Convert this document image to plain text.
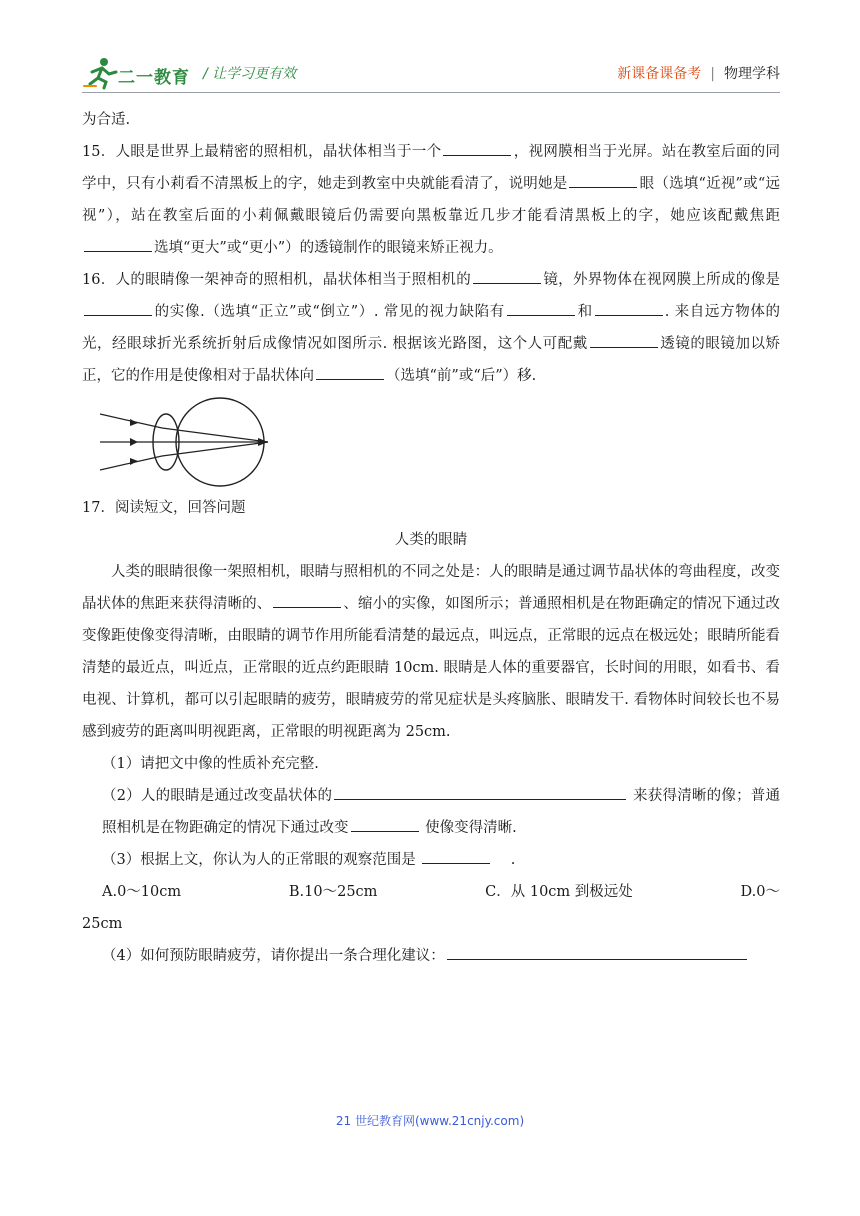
二一教育 / 让学习更有效	新课备课备考 | 物理学科

为合适.

15．人眼是世界上最精密的照相机，晶状体相当于一个	，视网膜相当于光屏。站在教室后面的同学中，只有小莉看不清黑板上的字，她走到教室中央就能看清了，说明她是	眼（选填“近视”或“远视”），站在教室后面的小莉佩戴眼镜后仍需要向黑板靠近几步才能看清黑板上的字，她应该配戴焦距选填“更大”或“更小”）的透镜制作的眼镜来矫正视力。

16．人的眼睛像一架神奇的照相机，晶状体相当于照相机的	镜，外界物体在视网膜上所成的像是的实像.（选填“正立”或“倒立”）. 常见的视力缺陷有	和	. 来自远方物体的光，经眼球折光系统折射后成像情况如图所示. 根据该光路图，这个人可配戴	透镜的眼镜加以矫正，它的作用是使像相对于晶状体向	（选填“前”或“后”）移.

17．阅读短文，回答问题

人类的眼睛

人类的眼睛很像一架照相机，眼睛与照相机的不同之处是：人的眼睛是通过调节晶状体的弯曲程度，改变晶状体的焦距来获得清晰的、	、缩小的实像，如图所示；普通照相机是在物距确定的情况下通过改变像距使像变得清晰，由眼睛的调节作用所能看清楚的最远点，叫远点，正常眼的远点在极远处；眼睛所能看清楚的最近点，叫近点，正常眼的近点约距眼睛 10cm. 眼睛是人体的重要器官，长时间的用眼，如看书、看电视、计算机，都可以引起眼睛的疲劳，眼睛疲劳的常见症状是头疼脑胀、眼睛发干. 看物体时间较长也不易感到疲劳的距离叫明视距离，正常眼的明视距离为 25cm.

（1）请把文中像的性质补充完整.

（2）人的眼睛是通过改变晶状体的	来获得清晰的像；普通照相机是在物距确定的情况下通过改变	使像变得清晰.

（3）根据上文，你认为人的正常眼的观察范围是	.

A.0～10cm	B.10～25cm	C．从 10cm 到极远处	D.0～

25cm

（4）如何预防眼睛疲劳，请你提出一条合理化建议：

21 世纪教育网(www.21cnjy.com)
